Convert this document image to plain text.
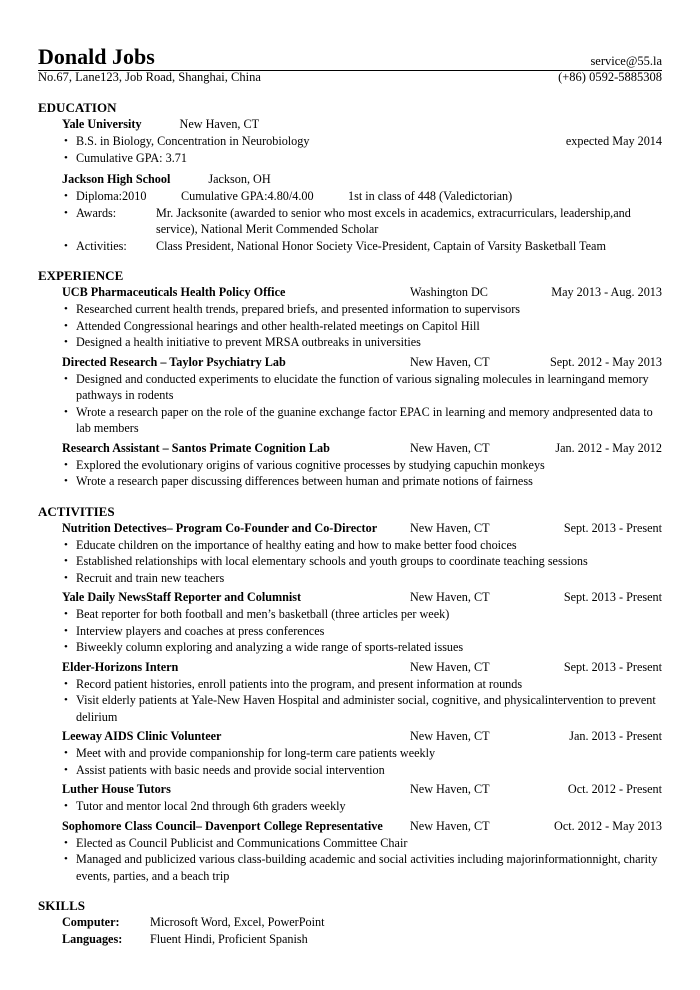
Donald Jobs	service@55.la
No.67, Lane123, Job Road, Shanghai, China	(+86) 0592-5885308
EDUCATION
Yale University	New Haven, CT
• B.S. in Biology, Concentration in Neurobiology	expected May 2014
• Cumulative GPA: 3.71
Jackson High School	Jackson, OH
• Diploma:2010	Cumulative GPA:4.80/4.00	1st in class of 448 (Valedictorian)
• Awards:	Mr. Jacksonite (awarded to senior who most excels in academics, extracurriculars, leadership,and service), National Merit Commended Scholar
• Activities:	Class President, National Honor Society Vice-President, Captain of Varsity Basketball Team
EXPERIENCE
UCB Pharmaceuticals Health Policy Office	Washington DC	May 2013 - Aug. 2013
• Researched current health trends, prepared briefs, and presented information to supervisors
• Attended Congressional hearings and other health-related meetings on Capitol Hill
• Designed a health initiative to prevent MRSA outbreaks in universities
Directed Research – Taylor Psychiatry Lab	New Haven, CT	Sept. 2012 - May 2013
• Designed and conducted experiments to elucidate the function of various signaling molecules in learningand memory pathways in rodents
• Wrote a research paper on the role of the guanine exchange factor EPAC in learning and memory andpresented data to lab members
Research Assistant – Santos Primate Cognition Lab	New Haven, CT	Jan. 2012 - May 2012
• Explored the evolutionary origins of various cognitive processes by studying capuchin monkeys
• Wrote a research paper discussing differences between human and primate notions of fairness
ACTIVITIES
Nutrition Detectives– Program Co-Founder and Co-Director	New Haven, CT	Sept. 2013 - Present
• Educate children on the importance of healthy eating and how to make better food choices
• Established relationships with local elementary schools and youth groups to coordinate teaching sessions
• Recruit and train new teachers
Yale Daily NewsStaff Reporter and Columnist	New Haven, CT	Sept. 2013 - Present
• Beat reporter for both football and men’s basketball (three articles per week)
• Interview players and coaches at press conferences
• Biweekly column exploring and analyzing a wide range of sports-related issues
Elder-Horizons Intern	New Haven, CT	Sept. 2013 - Present
• Record patient histories, enroll patients into the program, and present information at rounds
• Visit elderly patients at Yale-New Haven Hospital and administer social, cognitive, and physicalintervention to prevent delirium
Leeway AIDS Clinic Volunteer	New Haven, CT	Jan. 2013 - Present
• Meet with and provide companionship for long-term care patients weekly
• Assist patients with basic needs and provide social intervention
Luther House Tutors	New Haven, CT	Oct. 2012 - Present
• Tutor and mentor local 2nd through 6th graders weekly
Sophomore Class Council– Davenport College Representative New Haven, CT	Oct. 2012 - May 2013
• Elected as Council Publicist and Communications Committee Chair
• Managed and publicized various class-building academic and social activities including majorinformationnight, charity events, parties, and a beach trip
SKILLS
Computer:	Microsoft Word, Excel, PowerPoint
Languages:	Fluent Hindi, Proficient Spanish
